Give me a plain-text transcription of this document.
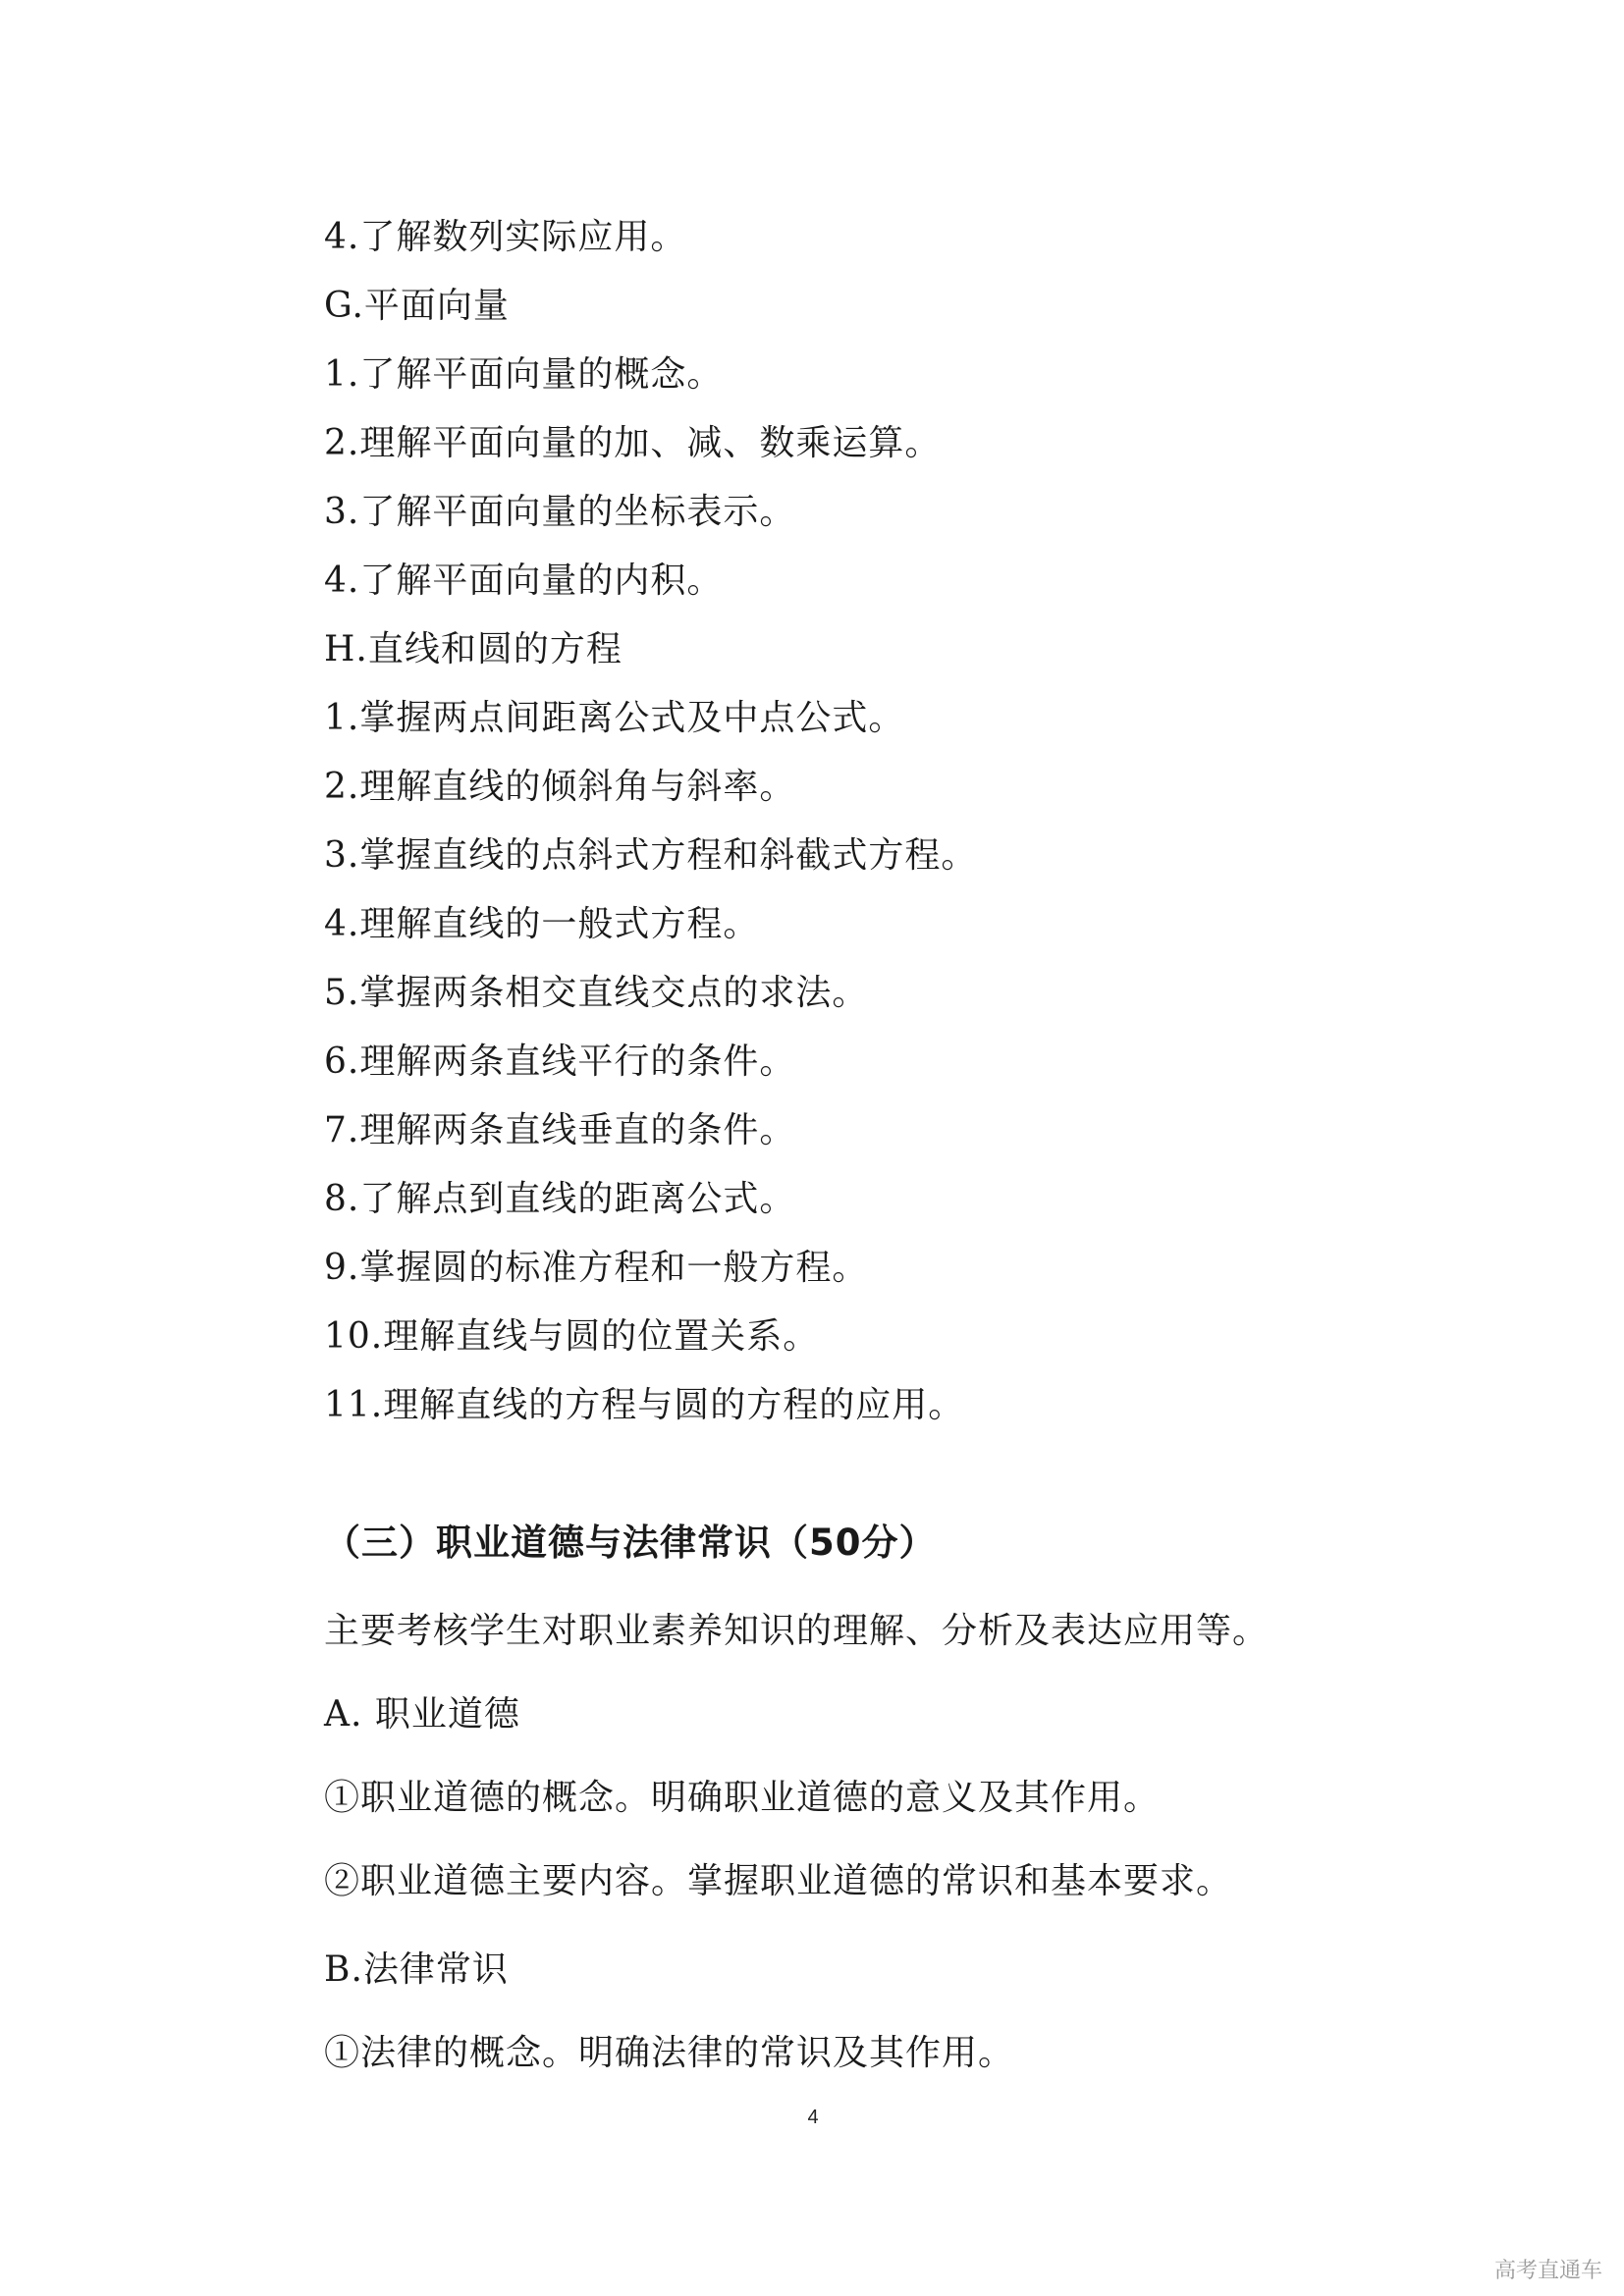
4.了解数列实际应用。
G.平面向量
1.了解平面向量的概念。
2.理解平面向量的加、减、数乘运算。
3.了解平面向量的坐标表示。
4.了解平面向量的内积。
H.直线和圆的方程
1.掌握两点间距离公式及中点公式。
2.理解直线的倾斜角与斜率。
3.掌握直线的点斜式方程和斜截式方程。
4.理解直线的一般式方程。
5.掌握两条相交直线交点的求法。
6.理解两条直线平行的条件。
7.理解两条直线垂直的条件。
8.了解点到直线的距离公式。
9.掌握圆的标准方程和一般方程。
10.理解直线与圆的位置关系。
11.理解直线的方程与圆的方程的应用。
（三）职业道德与法律常识（50分）
主要考核学生对职业素养知识的理解、分析及表达应用等。
A. 职业道德
①职业道德的概念。明确职业道德的意义及其作用。
②职业道德主要内容。掌握职业道德的常识和基本要求。
B.法律常识
①法律的概念。明确法律的常识及其作用。
4
高考直通车
